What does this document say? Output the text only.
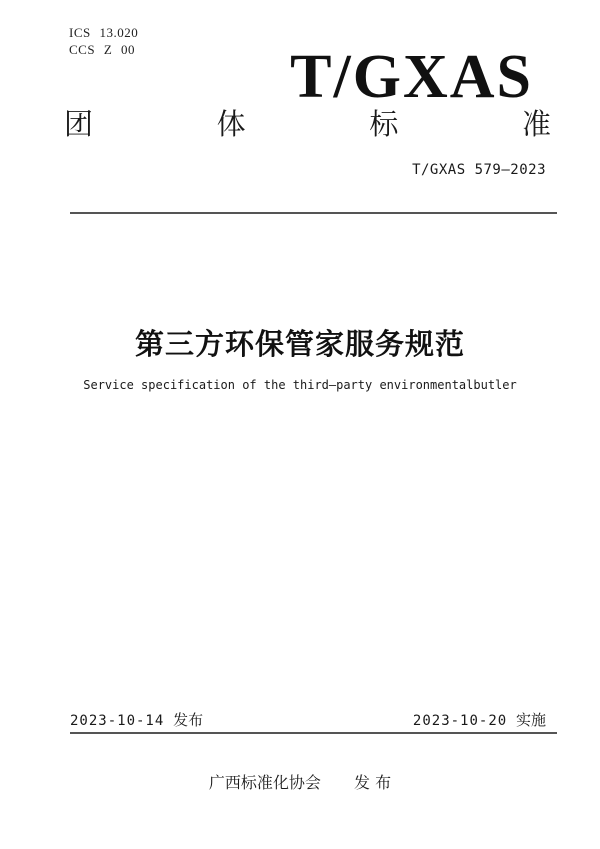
ICS 13.020
CCS Z 00	T/GXAS
团	体	标	准
T/GXAS 579—2023
第三方环保管家服务规范
Service specification of the third—party environmentalbutler
2023-10-14 发布	2023-10-20 实施
广西标准化协会 发 布
